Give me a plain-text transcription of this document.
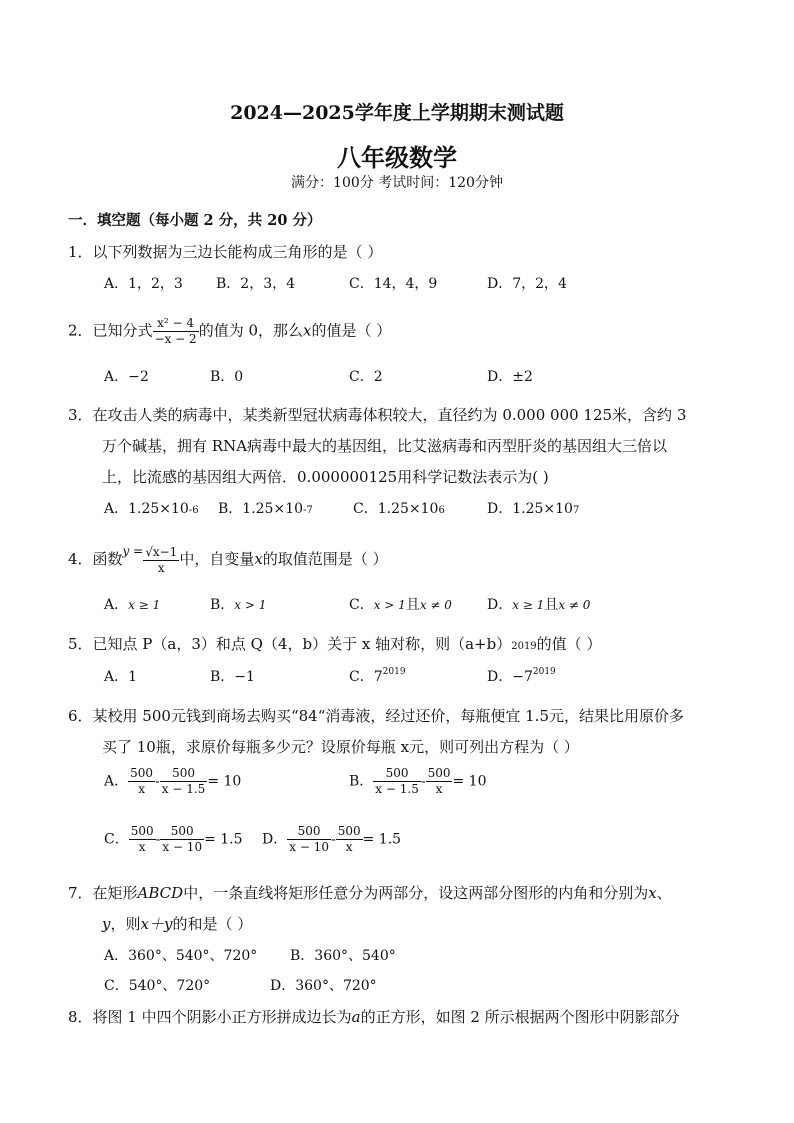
2024—2025学年度上学期期末测试题
八年级数学
满分：100分 考试时间：120分钟
一．填空题（每小题 2 分，共 20 分）
1．以下列数据为三边长能构成三角形的是（ ）
A．1，2，3 B．2，3，4	C．14，4，9	D．7，2，4
2．已知分式 $\frac{\text{x² − 4}}{-x - 2}$ 的值为 0，那么x的值是（ ）
A．−2	B．0	C．2	D．±2
3．在攻击人类的病毒中，某类新型冠状病毒体积较大，直径约为 0.000 000 125米，含约 3
万个碱基，拥有 RNA病毒中最大的基因组，比艾滋病毒和丙型肝炎的基因组大三倍以
上，比流感的基因组大两倍．0.000000125用科学记数法表示为( )
A．1.25×10-6 B．1.25×10-7	C．1.25×106	D．1.25×107
4．函数$^{y =} \frac{√x-1}{x}$ 中，自变量x的取值范围是（ ）
A．x ≥ 1	B．x > 1	C．x > 1且x ≠ 0	D．x ≥ 1且x ≠ 0
5．已知点 P（a，3）和点 Q（4，b）关于 x 轴对称，则（a+b）2019的值（ ）
A．1	B．−1	C．$7^{2019}$	D．$-7^{2019}$
6．某校用 500元钱到商场去购买“84“消毒液，经过还价，每瓶便宜 1.5元，结果比用原价多
买了 10瓶，求原价每瓶多少元？设原价每瓶 x元，则可列出方程为（ ）
A． $\frac{500}{x} - \frac{500}{x - 1.5} = 10$	B． $\frac{500}{x - 1.5} - \frac{500}{x} = 10$
C． $\frac{500}{x} - \frac{500}{x - 10} = 1.5$ D． $\frac{500}{x - 10} - \frac{500}{x} = 1.5$
7．在矩形ABCD中，一条直线将矩形任意分为两部分，设这两部分图形的内角和分别为x、
y，则x＋y的和是（ ）
A．360°、540°、720° B．360°、540°
C．540°、720°	D．360°、720°
8．将图 1 中四个阴影小正方形拼成边长为a的正方形，如图 2 所示根据两个图形中阴影部分
